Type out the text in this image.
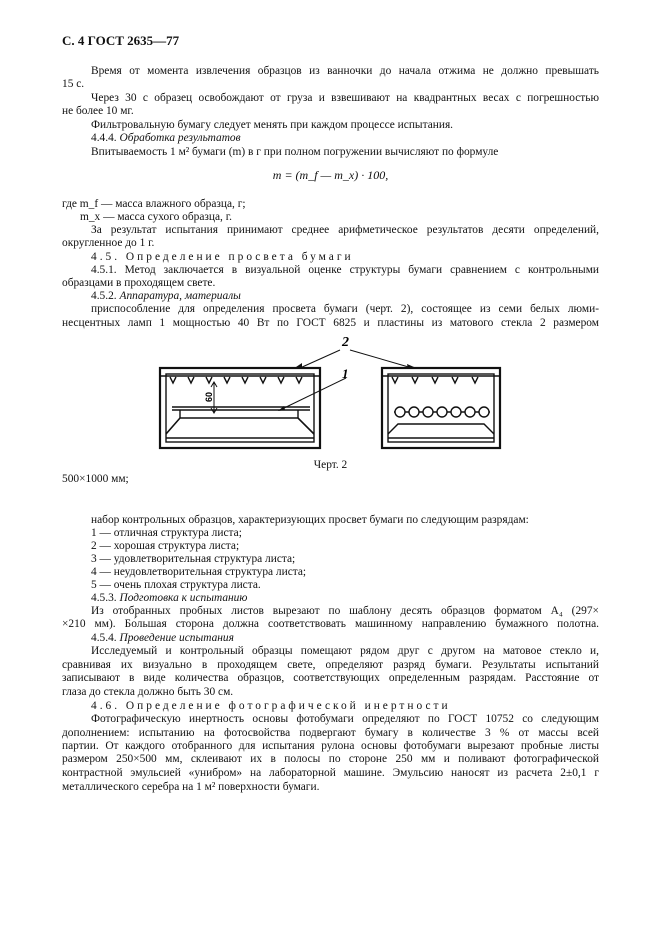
С. 4 ГОСТ 2635—77
Время от момента извлечения образцов из ванночки до начала отжима не должно превышать
15 с.
Через 30 с образец освобождают от груза и взвешивают на квадрантных весах с погрешностью
не более 10 мг.
Фильтровальную бумагу следует менять при каждом процессе испытания.
4.4.4. Обработка результатов
Впитываемость 1 м² бумаги (m) в г при полном погружении вычисляют по формуле
m = (m_f — m_x) · 100,
где m_f — масса влажного образца, г;
m_x — масса сухого образца, г.
За результат испытания принимают среднее арифметическое результатов десяти определений,
округленное до 1 г.
4.5. Определение просвета бумаги
4.5.1. Метод заключается в визуальной оценке структуры бумаги сравнением с контрольными
образцами в проходящем свете.
4.5.2. Аппаратура, материалы
приспособление для определения просвета бумаги (черт. 2), состоящее из семи белых люми-
несцентных ламп 1 мощностью 40 Вт по ГОСТ 6825 и пластины из матового стекла 2 размером
2
1
60
Черт. 2
500×1000 мм;
набор контрольных образцов, характеризующих просвет бумаги по следующим разрядам:
1 — отличная структура листа;
2 — хорошая структура листа;
3 — удовлетворительная структура листа;
4 — неудовлетворительная структура листа;
5 — очень плохая структура листа.
4.5.3. Подготовка к испытанию
Из отобранных пробных листов вырезают по шаблону десять образцов форматом A₄ (297×
×210 мм). Бо́льшая сторона должна соответствовать машинному направлению бумажного полотна.
4.5.4. Проведение испытания
Исследуемый и контрольный образцы помещают рядом друг с другом на матовое стекло и,
сравнивая их визуально в проходящем свете, определяют разряд бумаги. Результаты испытаний
записывают в виде количества образцов, соответствующих определенным разрядам. Расстояние от
глаза до стекла должно быть 30 см.
4.6. Определение фотографической инертности
Фотографическую инертность основы фотобумаги определяют по ГОСТ 10752 со следующим
дополнением: испытанию на фотосвойства подвергают бумагу в количестве 3 % от массы всей
партии. От каждого отобранного для испытания рулона основы фотобумаги вырезают пробные листы
размером 250×500 мм, склеивают их в полосы по стороне 250 мм и поливают фотографической
контрастной эмульсией «унибром» на лабораторной машине. Эмульсию наносят из расчета 2±0,1 г
металлического серебра на 1 м² поверхности бумаги.
